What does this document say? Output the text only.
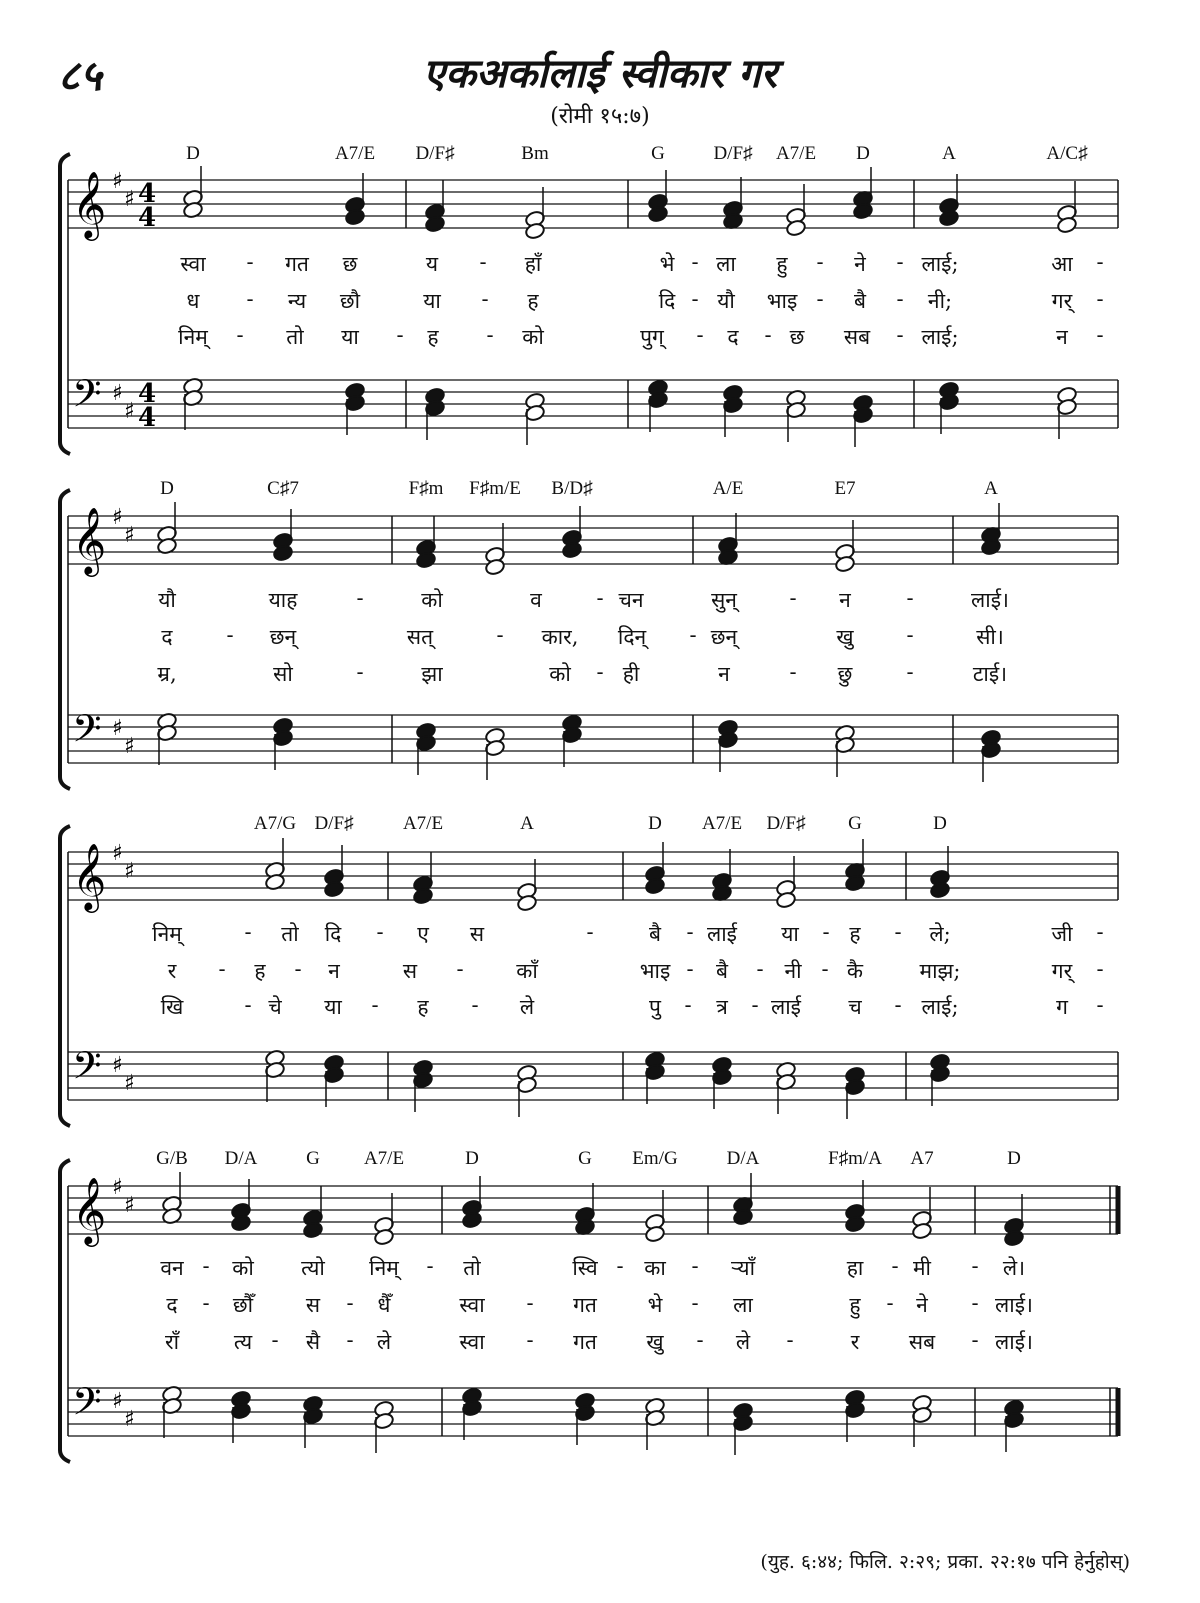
८५	एकअर्कालाई स्वीकार गर
(रोमी १५:७)
(युह. ६:४४; फिलि. २:२९; प्रका. २२:१७ पनि हेर्नुहोस्)
𝄞
𝄢
♯
♯
♯
♯
4
4
4
4
D	A7/E D/F♯	Bm	G	D/F♯ A7/E D	A	A/C♯
स्वा - गत छ	य - हाँ	भे - ला हु - ने - लाई;	आ -
ध - न्य छौ	या - ह	दि - यौ भाइ - बै - नी;	गर् -
निम् - तो या - ह - को	पुग् - द - छ सब - लाई;	न -
𝄞
𝄢
♯
♯
♯
♯
D	C♯7	F♯m F♯m/E B/D♯	A/E	E7	A
यौ	याह	-	को	व	- चन	सुन्	- न	-	लाई।
द	- छन्	सत्	- कार, दिन् - छन्	खु	-	सी।
म्र,	सो	-	झा	को - ही	न	- छु	-	टाई।
𝄞
𝄢
♯
♯
♯
♯
A7/G D/F♯	A7/E	A	D A7/E D/F♯ G	D
निम्	- तो दि - ए स	-	बै - लाई या - ह - ले;	जी -
र - ह - न	स -	काँ	भाइ - बै - नी - कै	माझ;	गर् -
खि	- चे या - ह - ले	पु - त्र - लाई च - लाई;	ग -
𝄞
𝄢
♯
♯
♯
♯
G/B D/A	G A7/E	D	G Em/G	D/A	F♯m/A A7	D
वन - को त्यो निम् - तो	स्वि - का - र्‍याँ	हा - मी - ले।
द - छौँ	स - धैँ	स्वा - गत भे - ला	हु - ने - लाई।
राँ	त्य - सै - ले	स्वा - गत खु - ले -	र सब - लाई।
